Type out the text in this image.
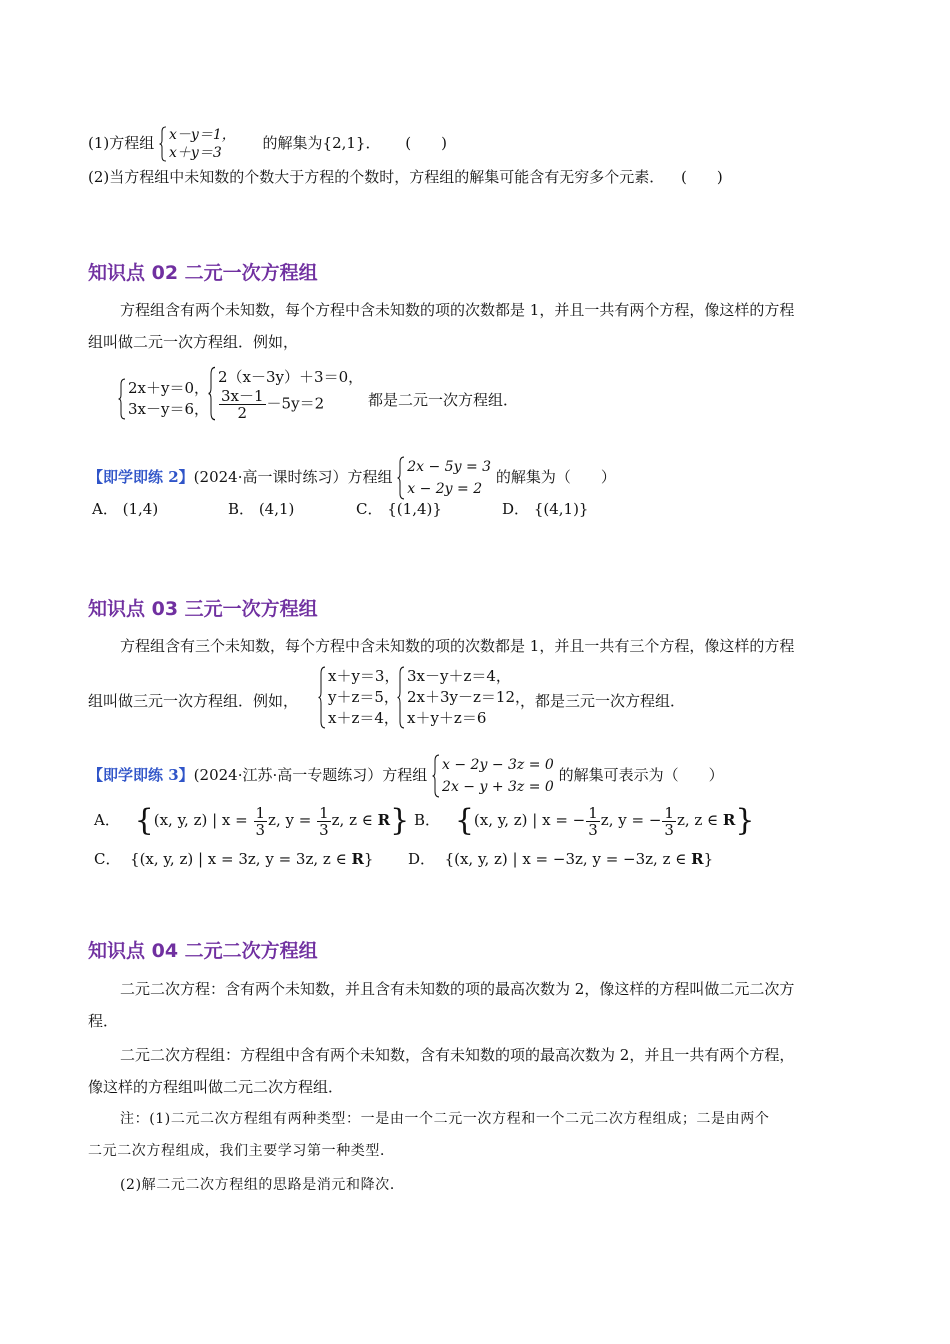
(1)方程组 x－y＝1，
x＋y＝3
的解集为{2,1}． (　　)
(2)当方程组中未知数的个数大于方程的个数时，方程组的解集可能含有无穷多个元素． (　　)
知识点 02 二元一次方程组
方程组含有两个未知数，每个方程中含未知数的项的次数都是 1，并且一共有两个方程，像这样的方程
组叫做二元一次方程组．例如，
2x＋y＝0，
3x－y＝6，
2（x－3y）＋3＝0，
$\frac{3x-1}{2} -5y=2$	都是二元一次方程组．
【即学即练 2】(2024·高一课时练习）方程组
2x − 5y = 3
x − 2y = 2
的解集为（　　）
A． (1,4)	B． (4,1)	C． {(1,4)}	D． {(4,1)}
知识点 03 三元一次方程组
方程组含有三个未知数，每个方程中含未知数的项的次数都是 1，并且一共有三个方程，像这样的方程
组叫做三元一次方程组．例如，
x＋y＝3，
y＋z＝5，
x＋z＝4，
3x－y＋z＝4，
2x＋3y－z＝12，
x＋y＋z＝6
，都是三元一次方程组．
【即学即练 3】(2024·江苏·高一专题练习）方程组
x − 2y − 3z = 0
2x − y + 3z = 0
的解集可表示为（　　）
A． {(x, y, z) | $x = \frac{1}{3} z$, $y = \frac{1}{3} z$, z ∈ R} B． {(x, y, z) | x = − $\frac{1}{3} z$, y = − $\frac{1}{3} z$, z ∈ R}
C． {(x, y, z) | x = 3z, y = 3z, z ∈ R} D． {(x, y, z) | x = −3z, y = −3z, z ∈ R}
知识点 04 二元二次方程组
二元二次方程：含有两个未知数，并且含有未知数的项的最高次数为 2，像这样的方程叫做二元二次方
程．
二元二次方程组：方程组中含有两个未知数，含有未知数的项的最高次数为 2，并且一共有两个方程，
像这样的方程组叫做二元二次方程组．
注：(1)二元二次方程组有两种类型：一是由一个二元一次方程和一个二元二次方程组成；二是由两个
二元二次方程组成，我们主要学习第一种类型．
(2)解二元二次方程组的思路是消元和降次．
